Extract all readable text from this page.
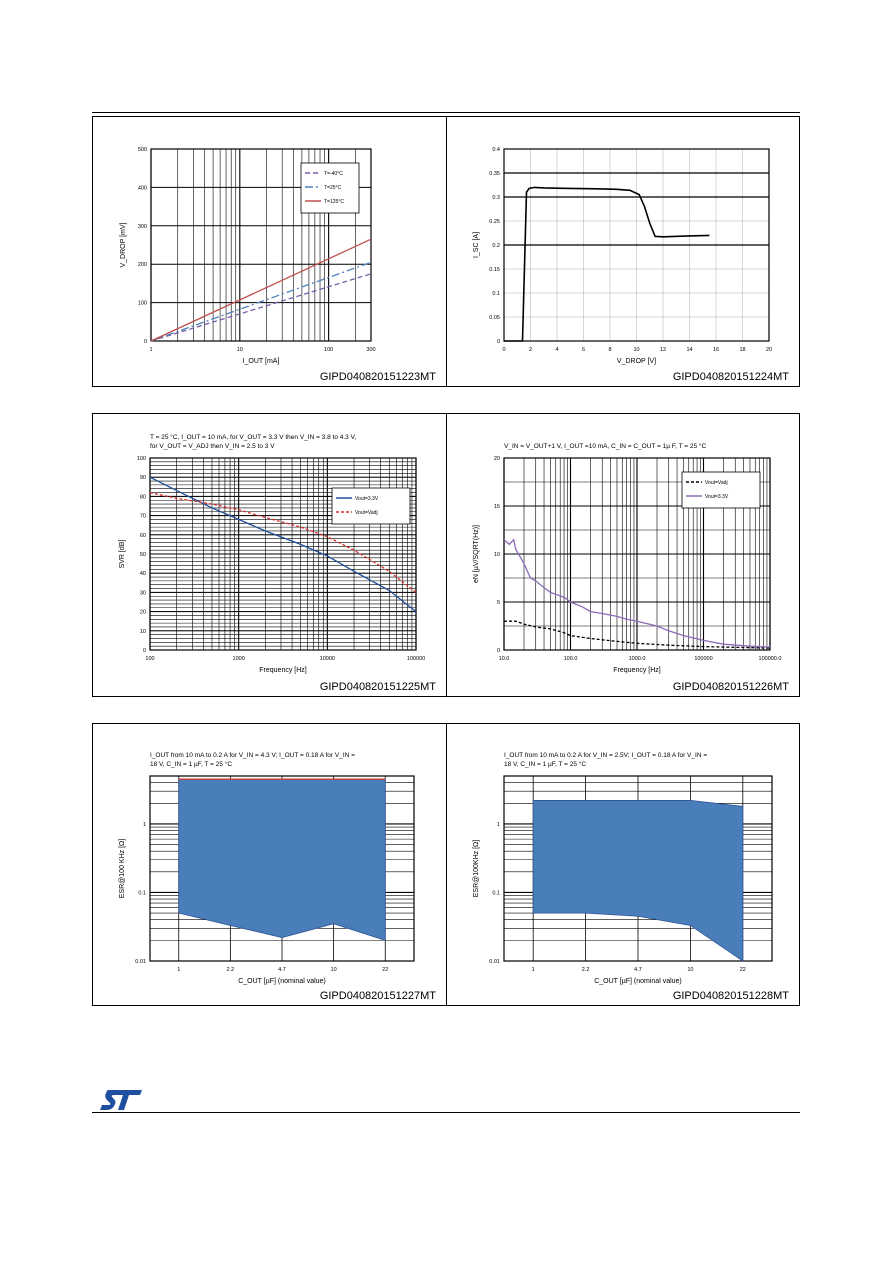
1	10	100	300
0
100
200
300
400
500
I_OUT [mA]
V_DROP [mV]
T=-40°C
T=25°C
T=125°C
GIPD040820151223MT
0	2	4	6	8	10	12	14	16	18	20
0
0.05
0.1
0.15
0.2
0.25
0.3
0.35
0.4
V_DROP [V]
I_SC [A]
GIPD040820151224MT
T = 25 °C, I_OUT = 10 mA, for V_OUT = 3.3 V then V_IN = 3.8 to 4.3 V,
for V_OUT = V_ADJ then V_IN = 2.5 to 3 V
100	1000	10000	100000
0
10
20
30
40
50
60
70
80
90
100
Frequency [Hz]
SVR [dB]
Vout=3.3V
Vout=Vadj
GIPD040820151225MT
V_IN = V_OUT+1 V, I_OUT =10 mA, C_IN = C_OUT = 1µ F, T = 25 °C
10.0	100.0	1000.0	100000	100000.0
0
5
10
15
20
Frequency [Hz]
eN [µV/SQRT(Hz)]
Vout=Vadj
Vout=3.3V
GIPD040820151226MT
I_OUT from 10 mA to 0.2 A for V_IN = 4.3 V; I_OUT = 0.18 A for V_IN =
18 V, C_IN = 1 µF, T = 25 °C
1	2.2	4.7	10	22
0.01
0.1
1
C_OUT [µF] (nominal value)
ESR@100 KHz [Ω]
GIPD040820151227MT
I_OUT from 10 mA to 0.2 A for V_IN = 2.5V; I_OUT = 0.18 A for V_IN =
18 V, C_IN = 1 µF, T = 25 °C
1	2.2	4.7	10	22
0.01
0.1
1
C_OUT [µF] (nominal value)
ESR@100KHz [Ω]
GIPD040820151228MT
